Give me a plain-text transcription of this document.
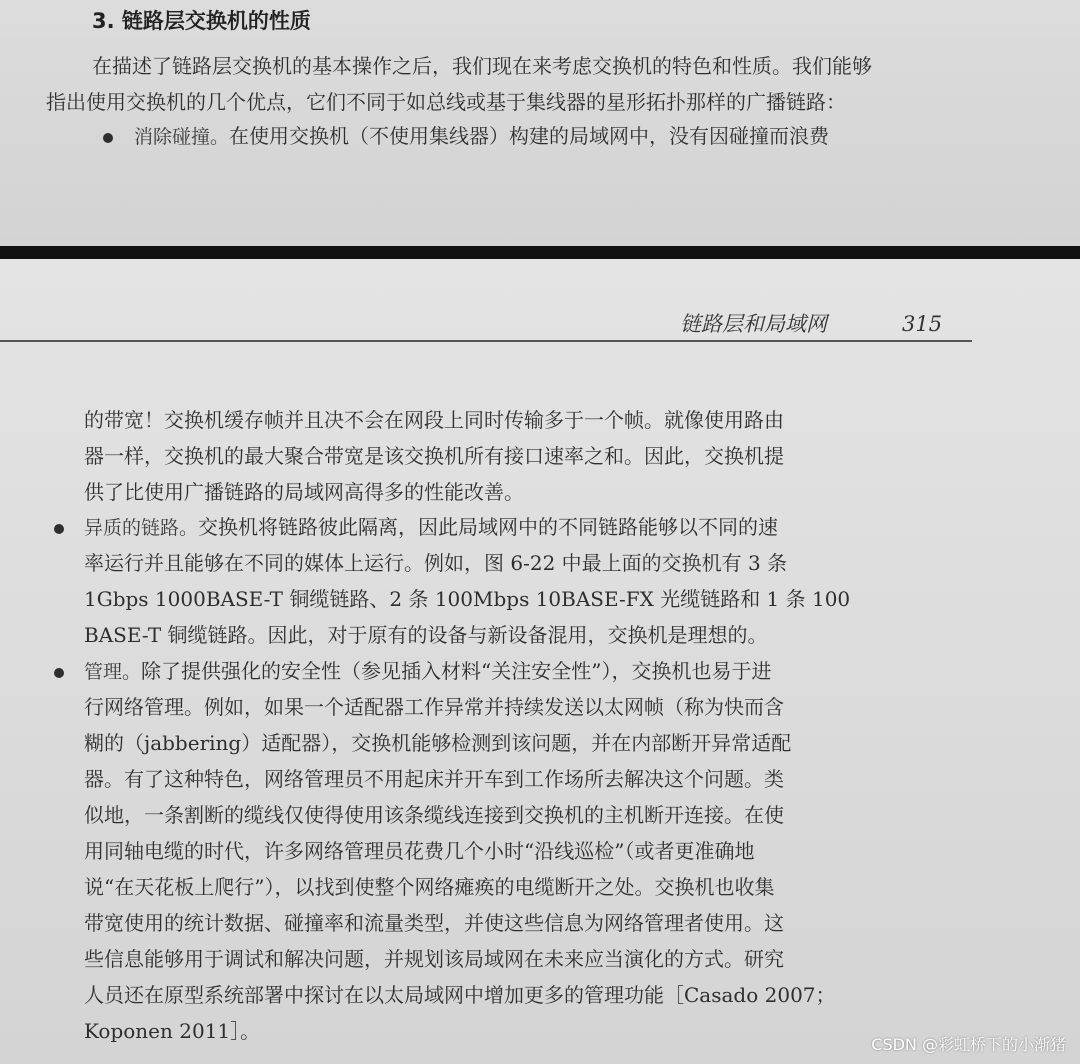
3. 链路层交换机的性质
在描述了链路层交换机的基本操作之后，我们现在来考虑交换机的特色和性质。我们能够
指出使用交换机的几个优点，它们不同于如总线或基于集线器的星形拓扑那样的广播链路：
消除碰撞。在使用交换机（不使用集线器）构建的局域网中，没有因碰撞而浪费
链路层和局域网	315
的带宽！交换机缓存帧并且决不会在网段上同时传输多于一个帧。就像使用路由
器一样，交换机的最大聚合带宽是该交换机所有接口速率之和。因此，交换机提
供了比使用广播链路的局域网高得多的性能改善。
异质的链路。交换机将链路彼此隔离，因此局域网中的不同链路能够以不同的速
率运行并且能够在不同的媒体上运行。例如，图 6-22 中最上面的交换机有 3 条
1Gbps 1000BASE-T 铜缆链路、2 条 100Mbps 10BASE-FX 光缆链路和 1 条 100
BASE-T 铜缆链路。因此，对于原有的设备与新设备混用，交换机是理想的。
管理。除了提供强化的安全性（参见插入材料“关注安全性”），交换机也易于进
行网络管理。例如，如果一个适配器工作异常并持续发送以太网帧（称为快而含
糊的（jabbering）适配器），交换机能够检测到该问题，并在内部断开异常适配
器。有了这种特色，网络管理员不用起床并开车到工作场所去解决这个问题。类
似地，一条割断的缆线仅使得使用该条缆线连接到交换机的主机断开连接。在使
用同轴电缆的时代，许多网络管理员花费几个小时“沿线巡检”（或者更准确地
说“在天花板上爬行”），以找到使整个网络瘫痪的电缆断开之处。交换机也收集
带宽使用的统计数据、碰撞率和流量类型，并使这些信息为网络管理者使用。这
些信息能够用于调试和解决问题，并规划该局域网在未来应当演化的方式。研究
人员还在原型系统部署中探讨在以太局域网中增加更多的管理功能［Casado 2007；
Koponen 2011］。
CSDN @彩虹桥下的小渐猪
